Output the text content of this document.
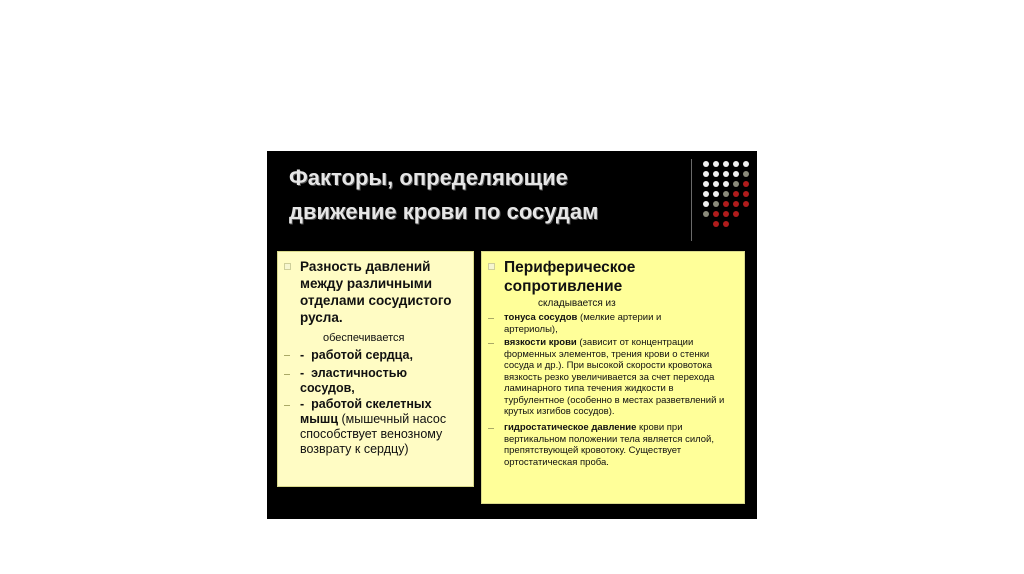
Факторы, определяющие
движение крови по сосудам
Разность давлений между различными отделами сосудистого русла.
обеспечивается
- работой сердца,
- эластичностью сосудов,
- работой скелетных мышц (мышечный насос способствует венозному возврату к сердцу)
Периферическое сопротивление
складывается из
тонуса сосудов (мелкие артерии и артериолы),
вязкости крови (зависит от концентрации форменных элементов, трения крови о стенки сосуда и др.). При высокой скорости кровотока вязкость резко увеличивается за счет перехода ламинарного типа течения жидкости в турбулентное (особенно в местах разветвлений и крутых изгибов сосудов).
гидростатическое давление крови при вертикальном положении тела является силой, препятствующей кровотоку. Существует ортостатическая проба.
